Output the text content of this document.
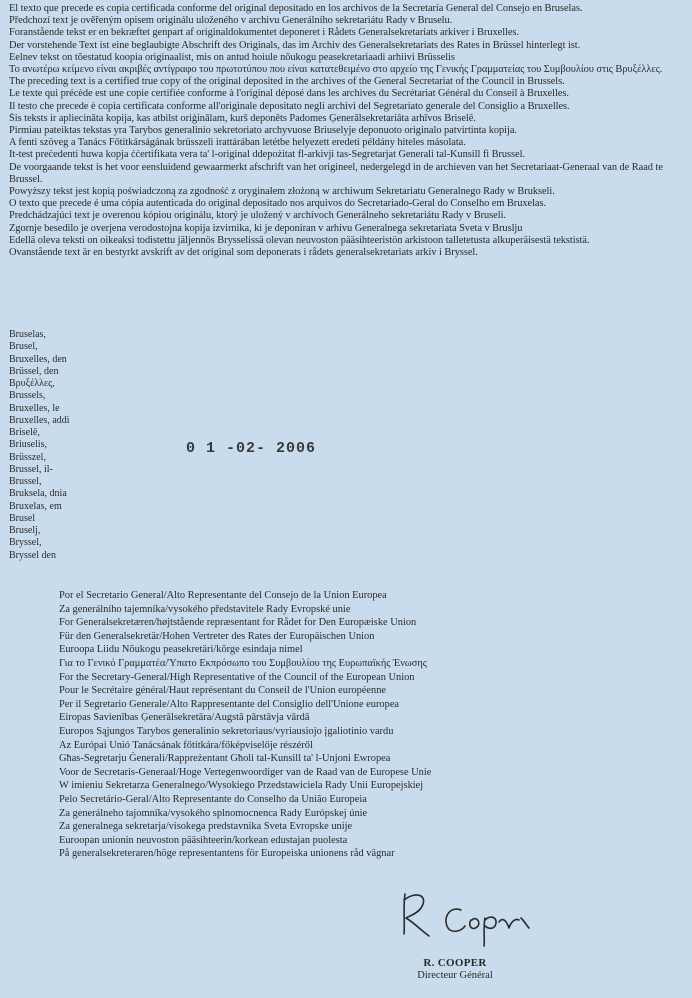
El texto que precede es copia certificada conforme del original depositado en los archivos de la Secretaría General del Consejo en Bruselas.
Předchozí text je ověřeným opisem originálu uloženého v archivu Generálního sekretariátu Rady v Bruselu.
Foranstående tekst er en bekræftet genpart af originaldokumentet deponeret i Rådets Generalsekretariats arkiver i Bruxelles.
Der vorstehende Text ist eine beglaubigte Abschrift des Originals, das im Archiv des Generalsekretariats des Rates in Brüssel hinterlegt ist.
Eelnev tekst on tõestatud koopia originaalist, mis on antud hoiule nõukogu peasekretariaadi arhiivi Brüsselis
Το ανωτέρω κείμενο είναι ακριβές αντίγραφο του πρωτοτύπου που είναι κατατεθειμένο στο αρχείο της Γενικής Γραμματείας του Συμβουλίου στις Βρυξέλλες.
The preceding text is a certified true copy of the original deposited in the archives of the General Secretariat of the Council in Brussels.
Le texte qui précède est une copie certifiée conforme à l'original déposé dans les archives du Secrétariat Général du Conseil à Bruxelles.
Il testo che precede è copia certificata conforme all'originale depositato negli archivi del Segretariato generale del Consiglio a Bruxelles.
Šis teksts ir apliecināta kopija, kas atbilst oriģinālam, kurš deponēts Padomes Ģenerālsekretariāta arhīvos Briselē.
Pirmiau pateiktas tekstas yra Tarybos generalinio sekretoriato archyvuose Briuselyje deponuoto originalo patvirtinta kopija.
A fenti szöveg a Tanács Főtitkárságának brüsszeli irattárában letétbe helyezett eredeti példány hiteles másolata.
It-test preċedenti huwa kopja ċċertifikata vera ta' l-original ddepożitat fl-arkivji tas-Segretarjat Ġenerali tal-Kunsill fi Brussel.
De voorgaande tekst is het voor eensluidend gewaarmerkt afschrift van het origineel, nedergelegd in de archieven van het Secretariaat-Generaal van de Raad te Brussel.
Powyższy tekst jest kopią poświadczoną za zgodność z oryginałem złożoną w archiwum Sekretariatu Generalnego Rady w Brukseli.
O texto que precede é uma cópia autenticada do original depositado nos arquivos do Secretariado-Geral do Conselho em Bruxelas.
Predchádzajúci text je overenou kópiou originálu, ktorý je uložený v archívoch Generálneho sekretariátu Rady v Bruseli.
Zgornje besedilo je overjena verodostojna kopija izvirnika, ki je deponiran v arhivu Generalnega sekretariata Sveta v Bruslju
Edellä oleva teksti on oikeaksi todistettu jäljennös Brysselissä olevan neuvoston pääsihteeristön arkistoon talletetusta alkuperäisestä tekstistä.
Ovanstående text är en bestyrkt avskrift av det original som deponerats i rådets generalsekretariats arkiv i Bryssel.
Bruselas,
Brusel,
Bruxelles, den
Brüssel, den
Βρυξέλλες,
Brussels,
Bruxelles, le
Bruxelles, addì
Briselē,
Briuselis,
Brüsszel,
Brussel, il-
Brussel,
Bruksela, dnia
Bruxelas, em
Brusel
Bruselj,
Bryssel,
Bryssel den
0 1 -02- 2006
Por el Secretario General/Alto Representante del Consejo de la Union Europea
Za generálního tajemníka/vysokého představitele Rady Evropské unie
For Generalsekretæren/højtstående repræsentant for Rådet for Den Europæiske Union
Für den Generalsekretär/Hohen Vertreter des Rates der Europäischen Union
Euroopa Liidu Nõukogu peasekretäri/kõrge esindaja nimel
Για το Γενικό Γραμματέα/Ύπατο Εκπρόσωπο του Συμβουλίου της Ευρωπαϊκής Ένωσης
For the Secretary-General/High Representative of the Council of the European Union
Pour le Secrétaire général/Haut représentant du Conseil de l'Union européenne
Per il Segretario Generale/Alto Rappresentante del Consiglio dell'Unione europea
Eiropas Savienības Ģenerālsekretāra/Augstā pārstāvja vārdā
Europos Sąjungos Tarybos generalinio sekretoriaus/vyriausiojo įgaliotinio vardu
Az Európai Unió Tanácsának főtitkára/főképviselője részéről
Għas-Segretarju Ġenerali/Rappreżentant Għoli tal-Kunsill ta' l-Unjoni Ewropea
Voor de Secretaris-Generaal/Hoge Vertegenwoordiger van de Raad van de Europese Unie
W imieniu Sekretarza Generalnego/Wysokiego Przedstawiciela Rady Unii Europejskiej
Pelo Secretário-Geral/Alto Representante do Conselho da União Europeia
Za generálneho tajomníka/vysokého splnomocnenca Rady Európskej únie
Za generalnega sekretarja/visokega predstavnika Sveta Evropske unije
Euroopan unionin neuvoston pääsihteerin/korkean edustajan puolesta
På generalsekreteraren/höge representantens för Europeiska unionens råd vägnar
R. COOPER
Directeur Général
